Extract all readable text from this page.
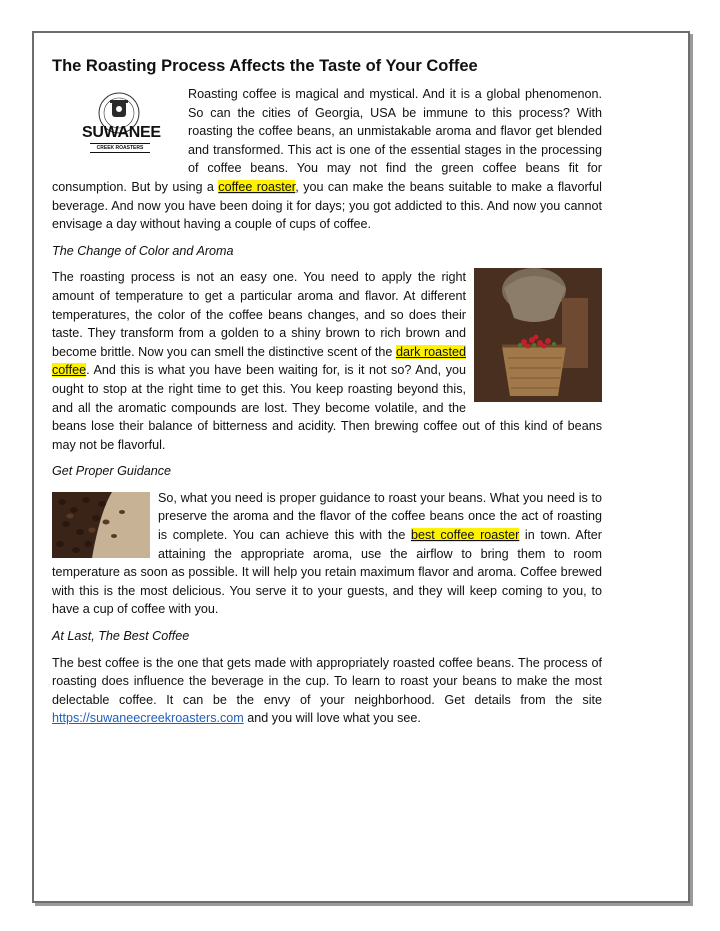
The Roasting Process Affects the Taste of Your Coffee
SUWANEE
CREEK ROASTERS

Roasting coffee is magical and mystical. And it is a global phenomenon. So can the cities of Georgia, USA be immune to this process? With roasting the coffee beans, an unmistakable aroma and flavor get blended and transformed. This act is one of the essential stages in the processing of coffee beans. You may not find the green coffee beans fit for consumption. But by using a coffee roaster, you can make the beans suitable to make a flavorful beverage. And now you have been doing it for days; you got addicted to this. And now you cannot envisage a day without having a couple of cups of coffee.

The Change of Color and Aroma

The roasting process is not an easy one. You need to apply the right amount of temperature to get a particular aroma and flavor. At different temperatures, the color of the coffee beans changes, and so does their taste. They transform from a golden to a shiny brown to rich brown and become brittle. Now you can smell the distinctive scent of the dark roasted coffee. And this is what you have been waiting for, is it not so? And, you ought to stop at the right time to get this. You keep roasting beyond this, and all the aromatic compounds are lost. They become volatile, and the beans lose their balance of bitterness and acidity. Then brewing coffee out of this kind of beans may not be flavorful.

Get Proper Guidance

So, what you need is proper guidance to roast your beans. What you need is to preserve the aroma and the flavor of the coffee beans once the act of roasting is complete. You can achieve this with the best coffee roaster in town. After attaining the appropriate aroma, use the airflow to bring them to room temperature as soon as possible. It will help you retain maximum flavor and aroma. Coffee brewed with this is the most delicious. You serve it to your guests, and they will keep coming to you, to have a cup of coffee with you.

At Last, The Best Coffee

The best coffee is the one that gets made with appropriately roasted coffee beans. The process of roasting does influence the beverage in the cup. To learn to roast your beans to make the most delectable coffee. It can be the envy of your neighborhood. Get details from the site https://suwaneecreekroasters.com and you will love what you see.
